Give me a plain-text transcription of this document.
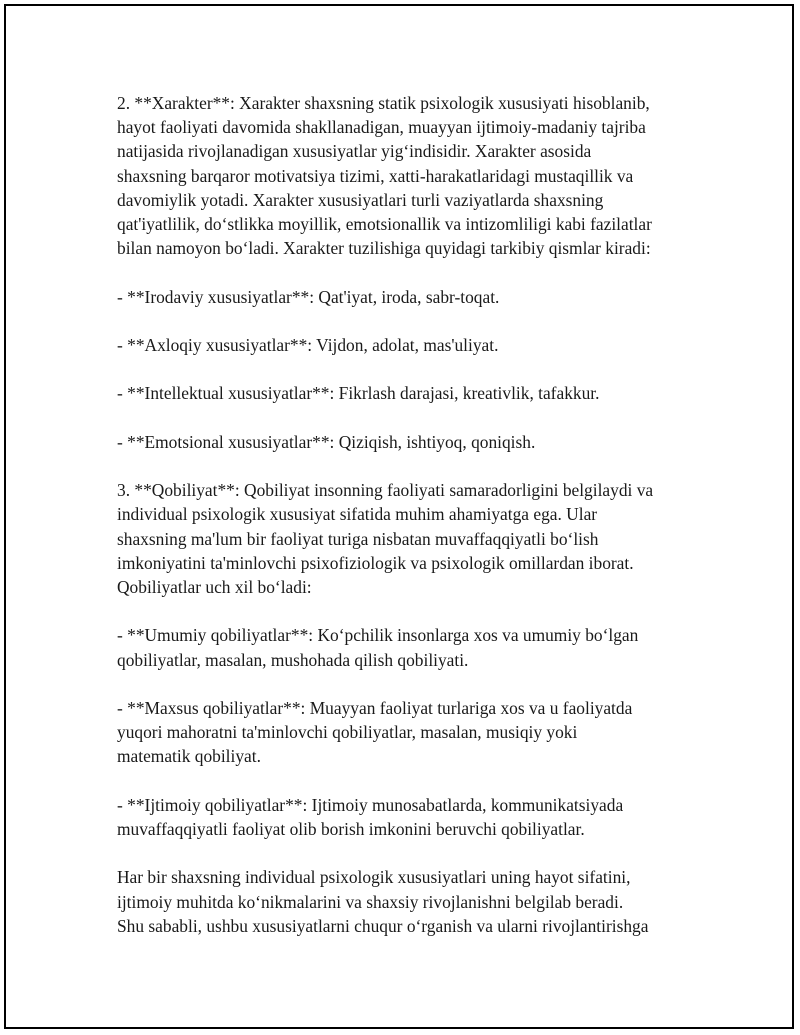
2. **Xarakter**: Xarakter shaxsning statik psixologik xususiyati hisoblanib,
hayot faoliyati davomida shakllanadigan, muayyan ijtimoiy-madaniy tajriba
natijasida rivojlanadigan xususiyatlar yig‘indisidir. Xarakter asosida
shaxsning barqaror motivatsiya tizimi, xatti-harakatlaridagi mustaqillik va
davomiylik yotadi. Xarakter xususiyatlari turli vaziyatlarda shaxsning
qat'iyatlilik, do‘stlikka moyillik, emotsionallik va intizomliligi kabi fazilatlar
bilan namoyon bo‘ladi. Xarakter tuzilishiga quyidagi tarkibiy qismlar kiradi:

- **Irodaviy xususiyatlar**: Qat'iyat, iroda, sabr-toqat.

- **Axloqiy xususiyatlar**: Vijdon, adolat, mas'uliyat.

- **Intellektual xususiyatlar**: Fikrlash darajasi, kreativlik, tafakkur.

- **Emotsional xususiyatlar**: Qiziqish, ishtiyoq, qoniqish.

3. **Qobiliyat**: Qobiliyat insonning faoliyati samaradorligini belgilaydi va
individual psixologik xususiyat sifatida muhim ahamiyatga ega. Ular
shaxsning ma'lum bir faoliyat turiga nisbatan muvaffaqqiyatli bo‘lish
imkoniyatini ta'minlovchi psixofiziologik va psixologik omillardan iborat.
Qobiliyatlar uch xil bo‘ladi:

- **Umumiy qobiliyatlar**: Ko‘pchilik insonlarga xos va umumiy bo‘lgan
qobiliyatlar, masalan, mushohada qilish qobiliyati.

- **Maxsus qobiliyatlar**: Muayyan faoliyat turlariga xos va u faoliyatda
yuqori mahoratni ta'minlovchi qobiliyatlar, masalan, musiqiy yoki
matematik qobiliyat.

- **Ijtimoiy qobiliyatlar**: Ijtimoiy munosabatlarda, kommunikatsiyada
muvaffaqqiyatli faoliyat olib borish imkonini beruvchi qobiliyatlar.

Har bir shaxsning individual psixologik xususiyatlari uning hayot sifatini,
ijtimoiy muhitda ko‘nikmalarini va shaxsiy rivojlanishni belgilab beradi.
Shu sababli, ushbu xususiyatlarni chuqur o‘rganish va ularni rivojlantirishga
